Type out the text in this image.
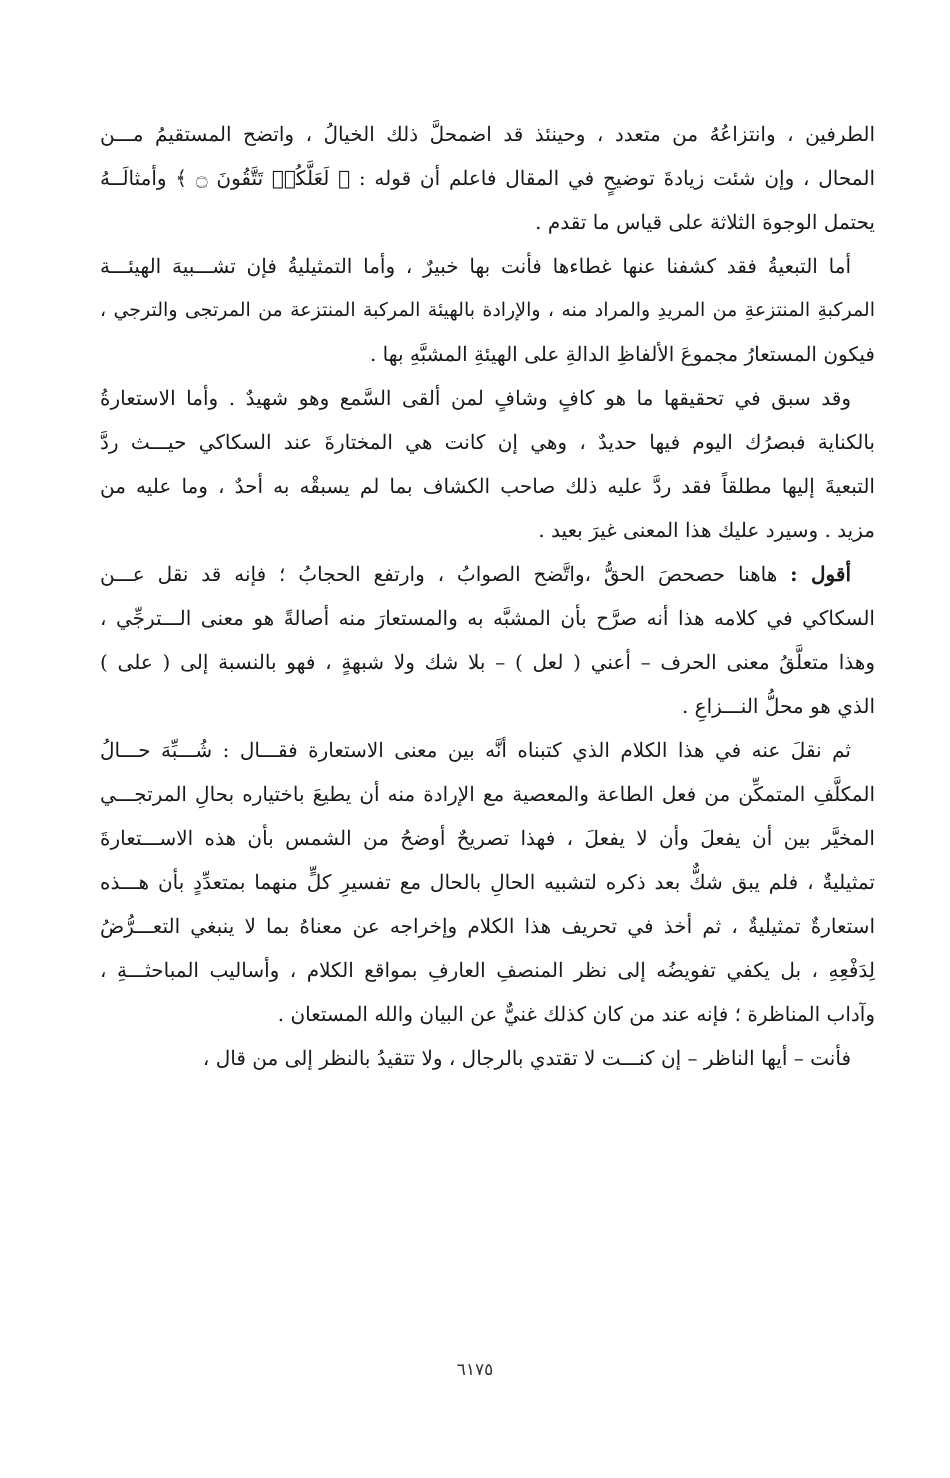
الطرفين ، وانتزاعُهُ من متعدد ، وحينئذ قد اضمحلَّ ذلك الخيالُ ، واتضح المستقيمُ مـــن
المحال ، وإن شئت زيادةَ توضيحٍ في المقال فاعلم أن قوله : ﴿ لَعَلَّكُمۡ تَتَّقُونَ ۝ ﴾ وأمثالَــهُ
يحتمل الوجوهَ الثلاثة على قياس ما تقدم .
أما التبعيةُ فقد كشفنا عنها غطاءها فأنت بها خبيرٌ ، وأما التمثيليةُ فإن تشـــبيهَ الهيئـــة
المركبةِ المنتزعةِ من المريدِ والمراد منه ، والإرادة بالهيئة المركبة المنتزعة من المرتجى والترجي ،
فيكون المستعارُ مجموعَ الألفاظِ الدالةِ على الهيئةِ المشبَّهِ بها .
وقد سبق في تحقيقها ما هو كافٍ وشافٍ لمن ألقى السَّمع وهو شهيدٌ . وأما الاستعارةُ
بالكناية فبصرُك اليوم فيها حديدٌ ، وهي إن كانت هي المختارةَ عند السكاكي حيـــث ردَّ
التبعيةَ إليها مطلقاً فقد ردَّ عليه ذلك صاحب الكشاف بما لم يسبقْه به أحدٌ ، وما عليه من
مزيد . وسيرد عليك هذا المعنى غيرَ بعيد .
أقول : هاهنا حصحصَ الحقُّ ،واتَّضح الصوابُ ، وارتفع الحجابُ ؛ فإنه قد نقل عـــن
السكاكي في كلامه هذا أنه صرَّح بأن المشبَّه به والمستعارَ منه أصالةً هو معنى الـــترجِّي ،
وهذا متعلَّقُ معنى الحرف – أعني ( لعل ) – بلا شك ولا شبهةٍ ، فهو بالنسبة إلى ( على )
الذي هو محلُّ النـــزاعِ .
ثم نقلَ عنه في هذا الكلام الذي كتبناه أنَّه بين معنى الاستعارة فقـــال : شُـــبِّهَ حـــالُ
المكلَّفِ المتمكِّن من فعل الطاعة والمعصية مع الإرادة منه أن يطيعَ باختياره بحالِ المرتجـــي
المخيَّر بين أن يفعلَ وأن لا يفعلَ ، فهذا تصريحٌ أوضحُ من الشمس بأن هذه الاســـتعارةَ
تمثيليةٌ ، فلم يبق شكٌّ بعد ذكره لتشبيه الحالِ بالحال مع تفسيرِ كلٍّ منهما بمتعدِّدٍ بأن هـــذه
استعارةٌ تمثيليةٌ ، ثم أخذ في تحريف هذا الكلام وإخراجه عن معناهُ بما لا ينبغي التعـــرُّضُ
لِدَفْعِهِ ، بل يكفي تفويضُه إلى نظر المنصفِ العارفِ بمواقع الكلام ، وأساليب المباحثـــةِ ،
وآداب المناظرة ؛ فإنه عند من كان كذلك غنيٌّ عن البيان والله المستعان .
فأنت – أيها الناظر – إن كنـــت لا تقتدي بالرجال ، ولا تتقيدُ بالنظر إلى من قال ،
٦١٧٥
